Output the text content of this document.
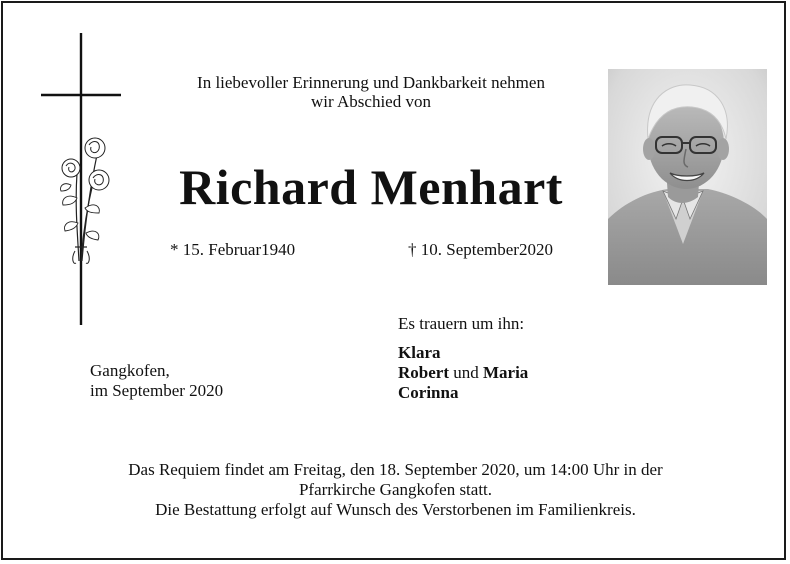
In liebevoller Erinnerung und Dankbarkeit nehmen
wir Abschied von
Richard Menhart
* 15. Februar1940	† 10. September2020
Gangkofen,
im September 2020
Es trauern um ihn:
Klara
Robert und Maria
Corinna
Das Requiem findet am Freitag, den 18. September 2020, um 14:00 Uhr in der
Pfarrkirche Gangkofen statt.
Die Bestattung erfolgt auf Wunsch des Verstorbenen im Familienkreis.
